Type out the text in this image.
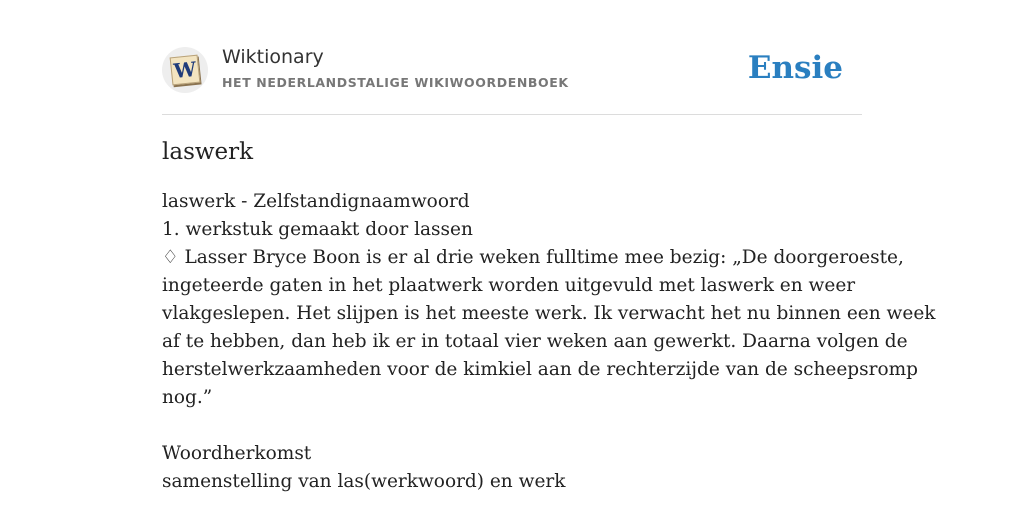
W Wiktionary
HET NEDERLANDSTALIGE WIKIWOORDENBOEK	Ensie
laswerk
laswerk - Zelfstandignaamwoord
1. werkstuk gemaakt door lassen
♢ Lasser Bryce Boon is er al drie weken fulltime mee bezig: „De doorgeroeste,
ingeteerde gaten in het plaatwerk worden uitgevuld met laswerk en weer
vlakgeslepen. Het slijpen is het meeste werk. Ik verwacht het nu binnen een week
af te hebben, dan heb ik er in totaal vier weken aan gewerkt. Daarna volgen de
herstelwerkzaamheden voor de kimkiel aan de rechterzijde van de scheepsromp
nog.”
Woordherkomst
samenstelling van las(werkwoord) en werk
